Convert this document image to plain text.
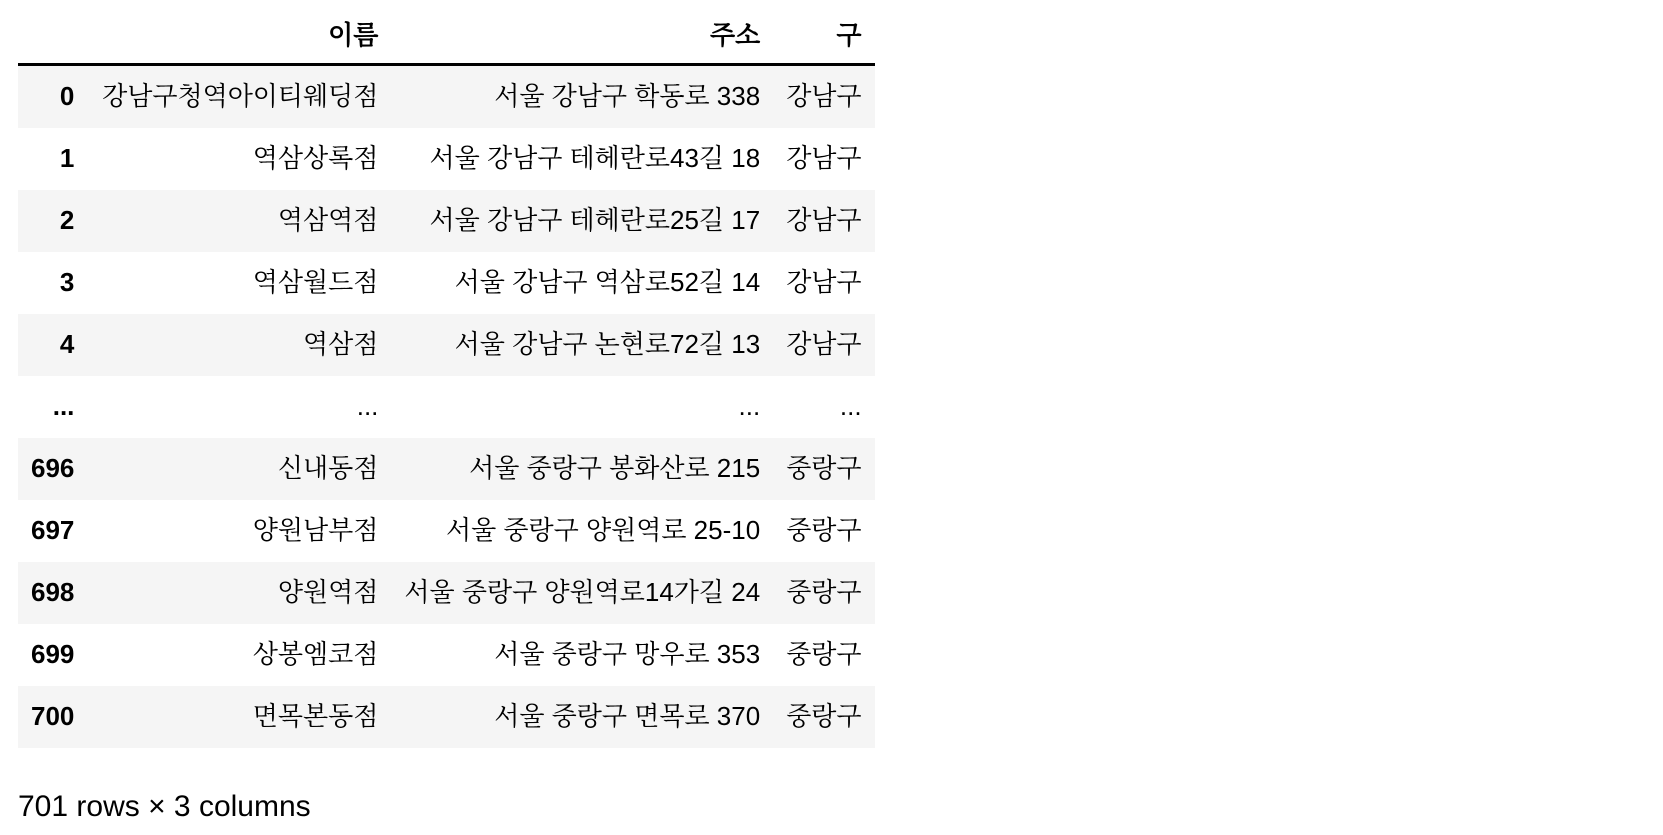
	이름	주소	구
0	강남구청역아이티웨딩점	서울 강남구 학동로 338	강남구
1	역삼상록점	서울 강남구 테헤란로43길 18	강남구
2	역삼역점	서울 강남구 테헤란로25길 17	강남구
3	역삼월드점	서울 강남구 역삼로52길 14	강남구
4	역삼점	서울 강남구 논현로72길 13	강남구
...	...	...	...
696	신내동점	서울 중랑구 봉화산로 215	중랑구
697	양원남부점	서울 중랑구 양원역로 25-10	중랑구
698	양원역점	서울 중랑구 양원역로14가길 24	중랑구
699	상봉엠코점	서울 중랑구 망우로 353	중랑구
700	면목본동점	서울 중랑구 면목로 370	중랑구

701 rows × 3 columns
